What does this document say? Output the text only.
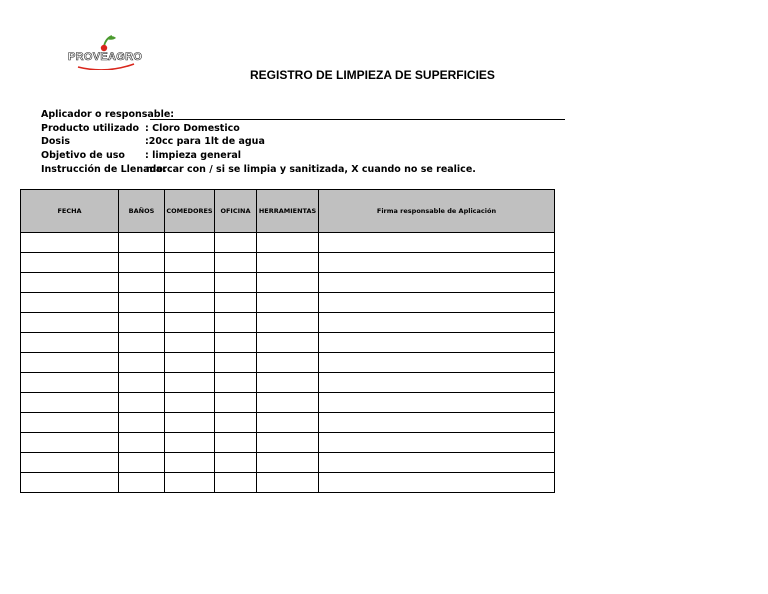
PROVEAGRO
REGISTRO DE LIMPIEZA DE SUPERFICIES
Aplicador o responsable:
Producto utilizado : Cloro Domestico
Dosis	:20cc para 1lt de agua
Objetivo de uso : limpieza general
Instrucción de Llenado:
marcar con / si se limpia y sanitizada, X cuando no se realice.
FECHA	BAÑOS	COMEDORES	OFICINA	HERRAMIENTAS	Firma responsable de Aplicación
